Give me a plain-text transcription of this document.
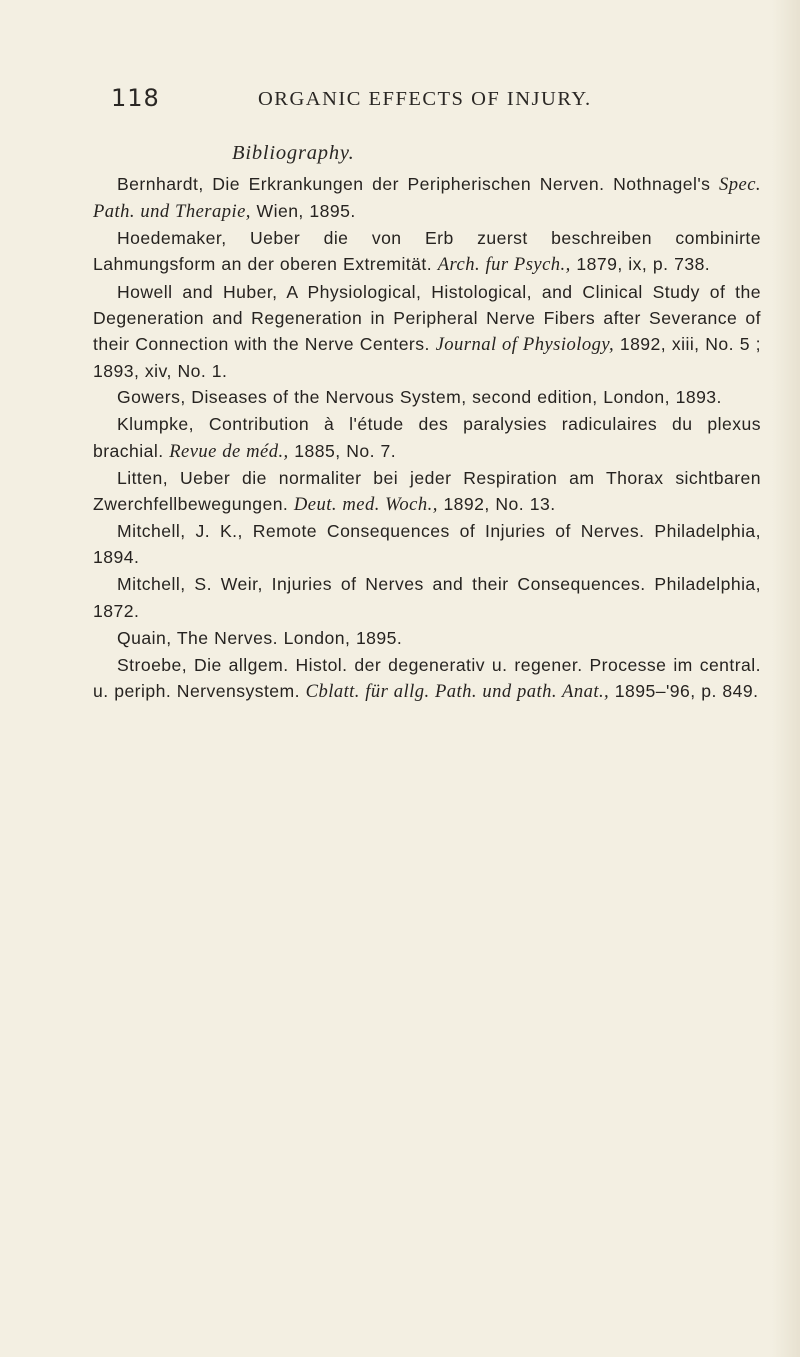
118	ORGANIC EFFECTS OF INJURY.
Bibliography.

Bernhardt, Die Erkrankungen der Peripherischen Nerven. Nothnagel's Spec. Path. und Therapie, Wien, 1895.

Hoedemaker, Ueber die von Erb zuerst beschreiben combinirte Lahmungsform an der oberen Extremität. Arch. fur Psych., 1879, ix, p. 738.

Howell and Huber, A Physiological, Histological, and Clinical Study of the Degeneration and Regeneration in Peripheral Nerve Fibers after Severance of their Connection with the Nerve Centers. Journal of Physiology, 1892, xiii, No. 5 ; 1893, xiv, No. 1.

Gowers, Diseases of the Nervous System, second edition, London, 1893.

Klumpke, Contribution à l'étude des paralysies radiculaires du plexus brachial. Revue de méd., 1885, No. 7.

Litten, Ueber die normaliter bei jeder Respiration am Thorax sichtbaren Zwerchfellbewegungen. Deut. med. Woch., 1892, No. 13.

Mitchell, J. K., Remote Consequences of Injuries of Nerves. Philadelphia, 1894.

Mitchell, S. Weir, Injuries of Nerves and their Consequences. Philadelphia, 1872.

Quain, The Nerves. London, 1895.

Stroebe, Die allgem. Histol. der degenerativ u. regener. Processe im central. u. periph. Nervensystem. Cblatt. für allg. Path. und path. Anat., 1895–'96, p. 849.
